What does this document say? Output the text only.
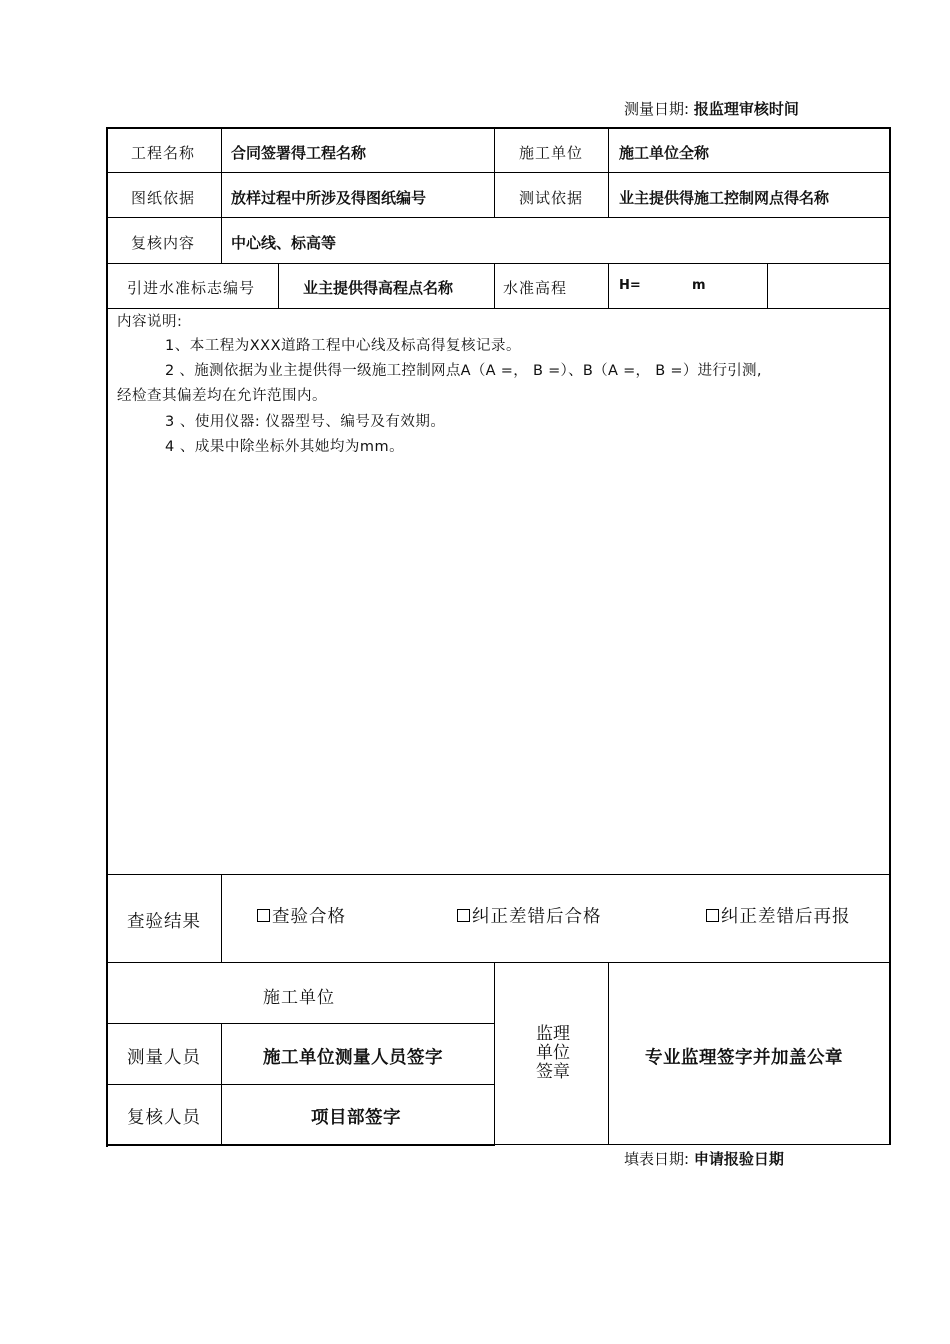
测量日期: 报监理审核时间
工程名称 合同签署得工程名称	施工单位 施工单位全称
图纸依据 放样过程中所涉及得图纸编号	测试依据 业主提供得施工控制网点得名称
复核内容 中心线、标高等
引进水准标志编号	业主提供得高程点名称	水准高程	H=	m
内容说明:
1、本工程为XXX道路工程中心线及标高得复核记录。
2 、施测依据为业主提供得一级施工控制网点A（A =， B =）、B（A =， B =）进行引测,
经检查其偏差均在允许范围内。
3 、使用仪器: 仪器型号、编号及有效期。
4 、成果中除坐标外其她均为mm。
查验结果	查验合格	纠正差错后合格	纠正差错后再报
施工单位
测量人员	施工单位测量人员签字
复核人员	项目部签字
监理
单位
签章
专业监理签字并加盖公章
填表日期: 申请报验日期
